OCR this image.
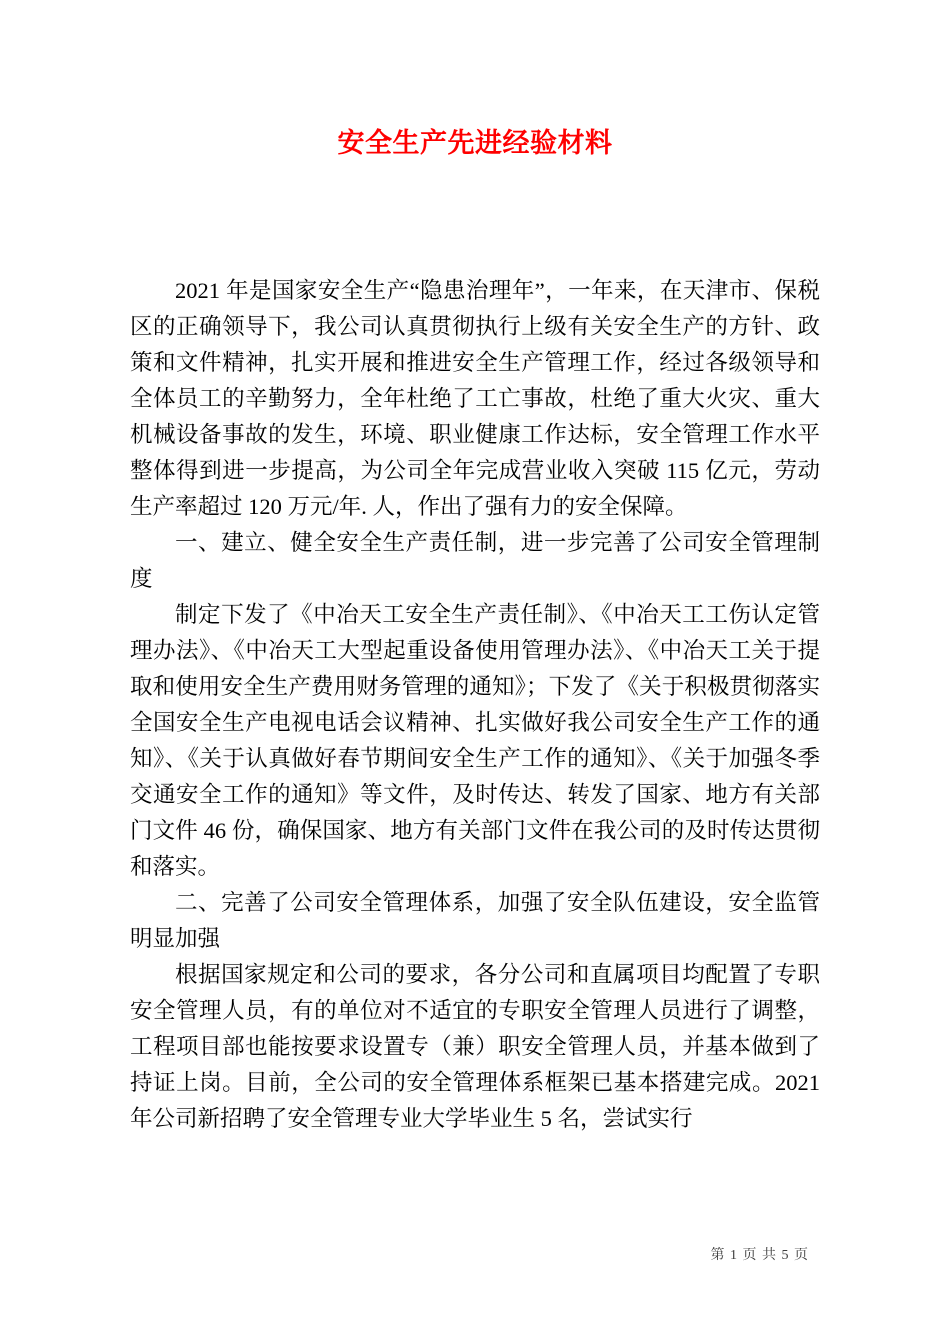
安全生产先进经验材料

2021 年是国家安全生产“隐患治理年”，一年来，在天津市、保税区的正确领导下，我公司认真贯彻执行上级有关安全生产的方针、政策和文件精神，扎实开展和推进安全生产管理工作，经过各级领导和全体员工的辛勤努力，全年杜绝了工亡事故，杜绝了重大火灾、重大机械设备事故的发生，环境、职业健康工作达标，安全管理工作水平整体得到进一步提高，为公司全年完成营业收入突破 115 亿元，劳动生产率超过 120 万元/年. 人，作出了强有力的安全保障。

一、建立、健全安全生产责任制，进一步完善了公司安全管理制度

制定下发了《中冶天工安全生产责任制》、《中冶天工工伤认定管理办法》、《中冶天工大型起重设备使用管理办法》、《中冶天工关于提取和使用安全生产费用财务管理的通知》；下发了《关于积极贯彻落实全国安全生产电视电话会议精神、扎实做好我公司安全生产工作的通知》、《关于认真做好春节期间安全生产工作的通知》、《关于加强冬季交通安全工作的通知》等文件，及时传达、转发了国家、地方有关部门文件 46 份，确保国家、地方有关部门文件在我公司的及时传达贯彻和落实。

二、完善了公司安全管理体系，加强了安全队伍建设，安全监管明显加强

根据国家规定和公司的要求，各分公司和直属项目均配置了专职安全管理人员，有的单位对不适宜的专职安全管理人员进行了调整，工程项目部也能按要求设置专（兼）职安全管理人员，并基本做到了持证上岗。目前，全公司的安全管理体系框架已基本搭建完成。2021 年公司新招聘了安全管理专业大学毕业生 5 名，尝试实行

第 1 页 共 5 页
